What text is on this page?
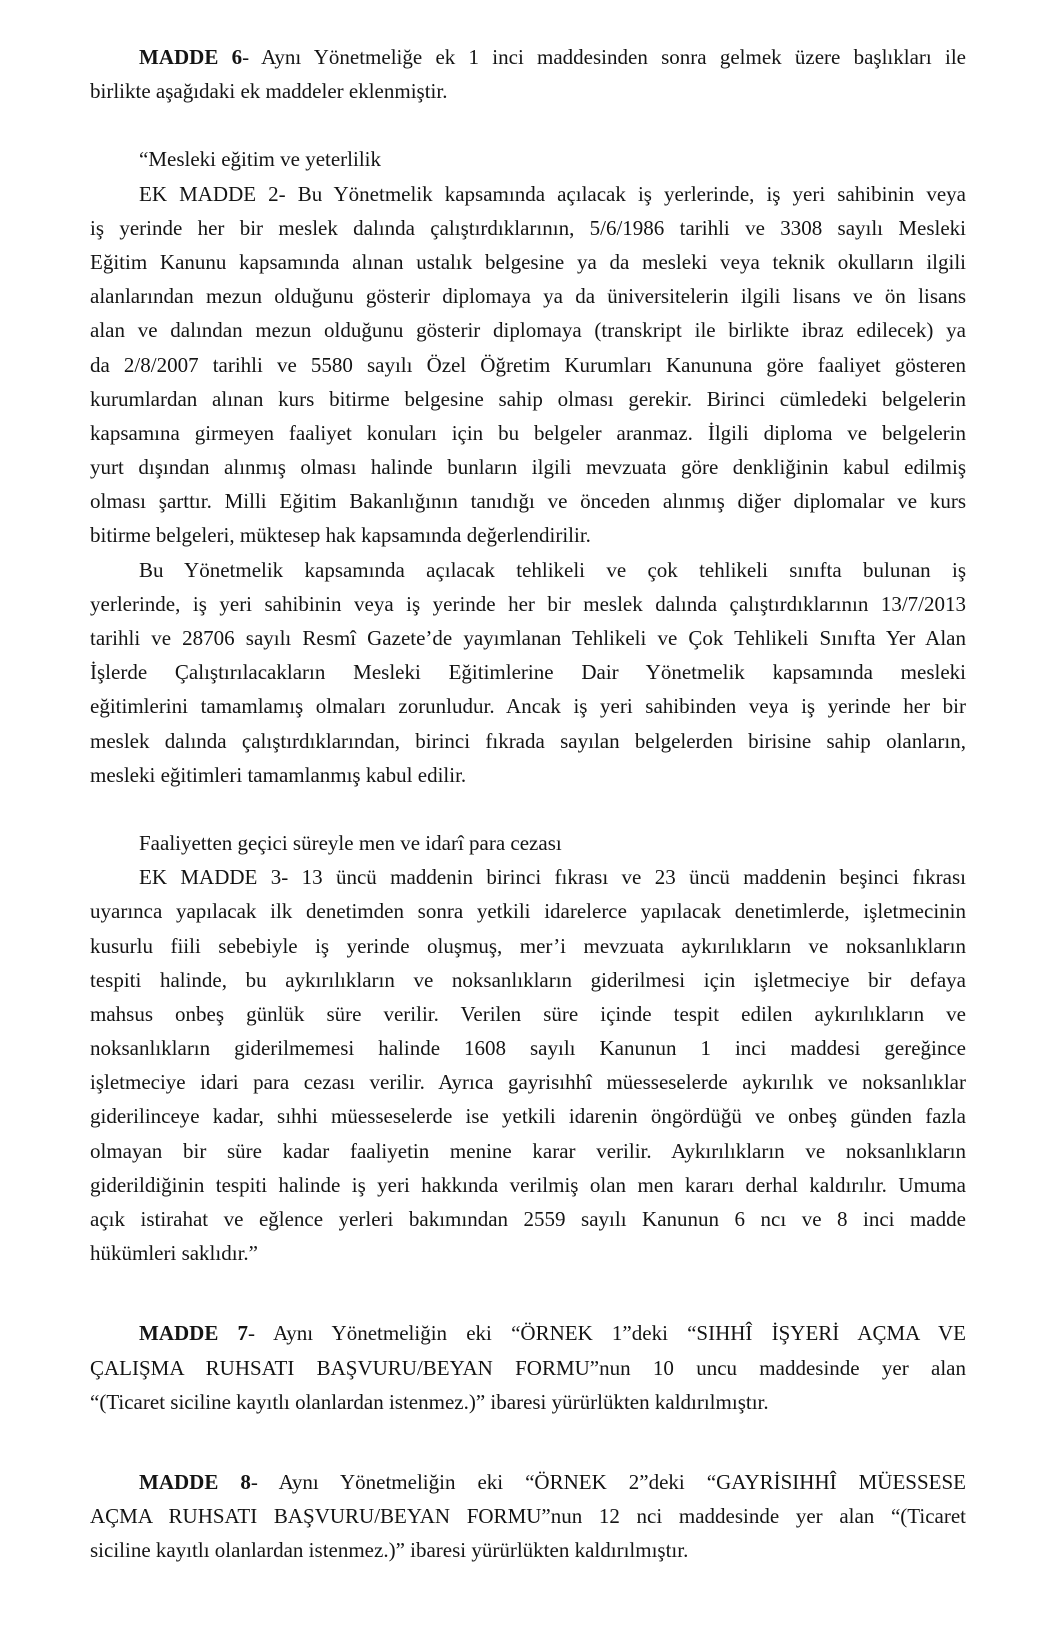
MADDE 6- Aynı Yönetmeliğe ek 1 inci maddesinden sonra gelmek üzere başlıkları ile
birlikte aşağıdaki ek maddeler eklenmiştir.
“Mesleki eğitim ve yeterlilik
EK MADDE 2- Bu Yönetmelik kapsamında açılacak iş yerlerinde, iş yeri sahibinin veya
iş yerinde her bir meslek dalında çalıştırdıklarının, 5/6/1986 tarihli ve 3308 sayılı Mesleki
Eğitim Kanunu kapsamında alınan ustalık belgesine ya da mesleki veya teknik okulların ilgili
alanlarından mezun olduğunu gösterir diplomaya ya da üniversitelerin ilgili lisans ve ön lisans
alan ve dalından mezun olduğunu gösterir diplomaya (transkript ile birlikte ibraz edilecek) ya
da 2/8/2007 tarihli ve 5580 sayılı Özel Öğretim Kurumları Kanununa göre faaliyet gösteren
kurumlardan alınan kurs bitirme belgesine sahip olması gerekir. Birinci cümledeki belgelerin
kapsamına girmeyen faaliyet konuları için bu belgeler aranmaz. İlgili diploma ve belgelerin
yurt dışından alınmış olması halinde bunların ilgili mevzuata göre denkliğinin kabul edilmiş
olması şarttır. Milli Eğitim Bakanlığının tanıdığı ve önceden alınmış diğer diplomalar ve kurs
bitirme belgeleri, müktesep hak kapsamında değerlendirilir.
Bu Yönetmelik kapsamında açılacak tehlikeli ve çok tehlikeli sınıfta bulunan iş
yerlerinde, iş yeri sahibinin veya iş yerinde her bir meslek dalında çalıştırdıklarının 13/7/2013
tarihli ve 28706 sayılı Resmî Gazete’de yayımlanan Tehlikeli ve Çok Tehlikeli Sınıfta Yer Alan
İşlerde Çalıştırılacakların Mesleki Eğitimlerine Dair Yönetmelik kapsamında mesleki
eğitimlerini tamamlamış olmaları zorunludur. Ancak iş yeri sahibinden veya iş yerinde her bir
meslek dalında çalıştırdıklarından, birinci fıkrada sayılan belgelerden birisine sahip olanların,
mesleki eğitimleri tamamlanmış kabul edilir.
Faaliyetten geçici süreyle men ve idarî para cezası
EK MADDE 3- 13 üncü maddenin birinci fıkrası ve 23 üncü maddenin beşinci fıkrası
uyarınca yapılacak ilk denetimden sonra yetkili idarelerce yapılacak denetimlerde, işletmecinin
kusurlu fiili sebebiyle iş yerinde oluşmuş, mer’i mevzuata aykırılıkların ve noksanlıkların
tespiti halinde, bu aykırılıkların ve noksanlıkların giderilmesi için işletmeciye bir defaya
mahsus onbeş günlük süre verilir. Verilen süre içinde tespit edilen aykırılıkların ve
noksanlıkların giderilmemesi halinde 1608 sayılı Kanunun 1 inci maddesi gereğince
işletmeciye idari para cezası verilir. Ayrıca gayrisıhhî müesseselerde aykırılık ve noksanlıklar
giderilinceye kadar, sıhhi müesseselerde ise yetkili idarenin öngördüğü ve onbeş günden fazla
olmayan bir süre kadar faaliyetin menine karar verilir. Aykırılıkların ve noksanlıkların
giderildiğinin tespiti halinde iş yeri hakkında verilmiş olan men kararı derhal kaldırılır. Umuma
açık istirahat ve eğlence yerleri bakımından 2559 sayılı Kanunun 6 ncı ve 8 inci madde
hükümleri saklıdır.”
MADDE 7- Aynı Yönetmeliğin eki “ÖRNEK 1”deki “SIHHÎ İŞYERİ AÇMA VE
ÇALIŞMA RUHSATI BAŞVURU/BEYAN FORMU”nun 10 uncu maddesinde yer alan
“(Ticaret siciline kayıtlı olanlardan istenmez.)” ibaresi yürürlükten kaldırılmıştır.
MADDE 8- Aynı Yönetmeliğin eki “ÖRNEK 2”deki “GAYRİSIHHÎ MÜESSESE
AÇMA RUHSATI BAŞVURU/BEYAN FORMU”nun 12 nci maddesinde yer alan “(Ticaret
siciline kayıtlı olanlardan istenmez.)” ibaresi yürürlükten kaldırılmıştır.
